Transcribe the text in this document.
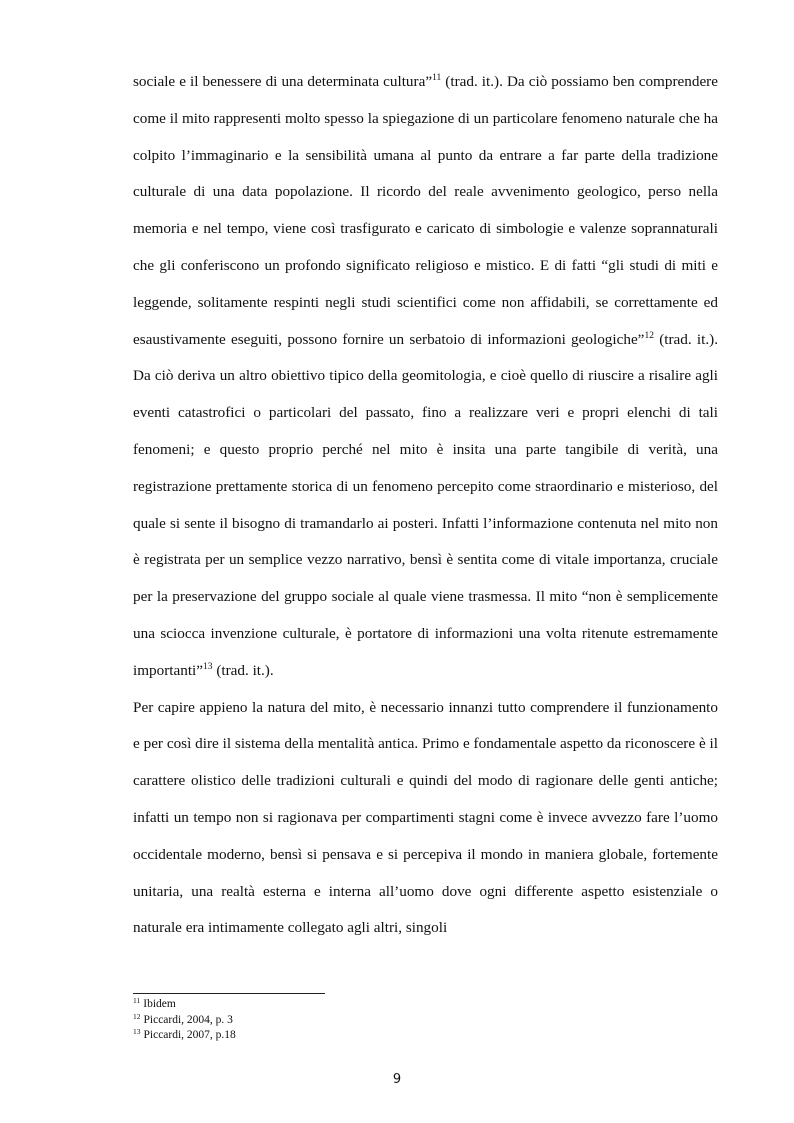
sociale e il benessere di una determinata cultura”$^{11}$ (trad. it.). Da ciò possiamo ben comprendere come il mito rappresenti molto spesso la spiegazione di un particolare fenomeno naturale che ha colpito l’immaginario e la sensibilità umana al punto da entrare a far parte della tradizione culturale di una data popolazione. Il ricordo del reale avvenimento geologico, perso nella memoria e nel tempo, viene così trasfigurato e caricato di simbologie e valenze soprannaturali che gli conferiscono un profondo significato religioso e mistico. E di fatti “gli studi di miti e leggende, solitamente respinti negli studi scientifici come non affidabili, se correttamente ed esaustivamente eseguiti, possono fornire un serbatoio di informazioni geologiche”$^{12}$ (trad. it.). Da ciò deriva un altro obiettivo tipico della geomitologia, e cioè quello di riuscire a risalire agli eventi catastrofici o particolari del passato, fino a realizzare veri e propri elenchi di tali fenomeni; e questo proprio perché nel mito è insita una parte tangibile di verità, una registrazione prettamente storica di un fenomeno percepito come straordinario e misterioso, del quale si sente il bisogno di tramandarlo ai posteri. Infatti l’informazione contenuta nel mito non è registrata per un semplice vezzo narrativo, bensì è sentita come di vitale importanza, cruciale per la preservazione del gruppo sociale al quale viene trasmessa. Il mito “non è semplicemente una sciocca invenzione culturale, è portatore di informazioni una volta ritenute estremamente importanti”$^{13}$ (trad. it.).

Per capire appieno la natura del mito, è necessario innanzi tutto comprendere il funzionamento e per così dire il sistema della mentalità antica. Primo e fondamentale aspetto da riconoscere è il carattere olistico delle tradizioni culturali e quindi del modo di ragionare delle genti antiche; infatti un tempo non si ragionava per compartimenti stagni come è invece avvezzo fare l’uomo occidentale moderno, bensì si pensava e si percepiva il mondo in maniera globale, fortemente unitaria, una realtà esterna e interna all’uomo dove ogni differente aspetto esistenziale o naturale era intimamente collegato agli altri, singoli

$^{11}$ Ibidem

$^{12}$ Piccardi, 2004, p. 3

$^{13}$ Piccardi, 2007, p.18

9
